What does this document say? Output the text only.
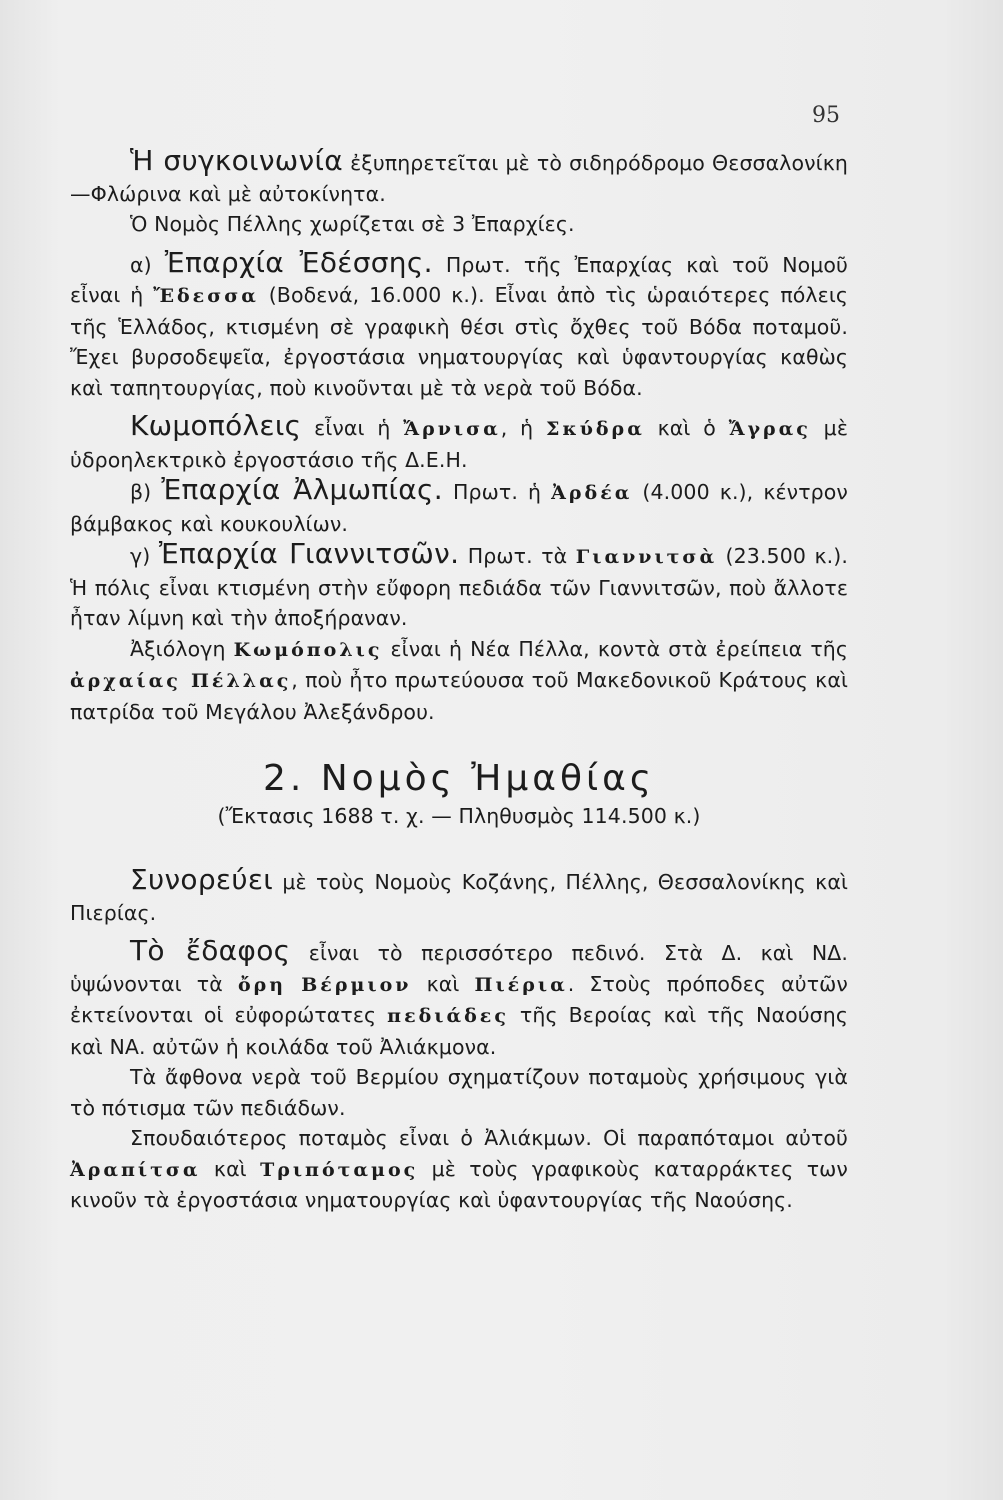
95

Ἡ συγκοινωνία ἐξυπηρετεῖται μὲ τὸ σιδηρόδρομο Θεσσαλονίκη—Φλώρινα καὶ μὲ αὐτοκίνητα.

Ὁ Νομὸς Πέλλης χωρίζεται σὲ 3 Ἐπαρχίες.

α) Ἐπαρχία Ἐδέσσης. Πρωτ. τῆς Ἐπαρχίας καὶ τοῦ Νομοῦ εἶναι ἡ Ἔδεσσα (Βοδενά, 16.000 κ.). Εἶναι ἀπὸ τὶς ὡραιότερες πόλεις τῆς Ἑλλάδος, κτισμένη σὲ γραφικὴ θέσι στὶς ὄχθες τοῦ Βόδα ποταμοῦ. Ἔχει βυρσοδεψεῖα, ἐργοστάσια νηματουργίας καὶ ὑφαντουργίας καθὼς καὶ ταπητουργίας, ποὺ κινοῦνται μὲ τὰ νερὰ τοῦ Βόδα.

Κωμοπόλεις εἶναι ἡ Ἄρνισα, ἡ Σκύδρα καὶ ὁ Ἄγρας μὲ ὑδροηλεκτρικὸ ἐργοστάσιο τῆς Δ.Ε.Η.

β) Ἐπαρχία Ἀλμωπίας. Πρωτ. ἡ Ἀρδέα (4.000 κ.), κέντρον βάμβακος καὶ κουκουλίων.

γ) Ἐπαρχία Γιαννιτσῶν. Πρωτ. τὰ Γιαννιτσὰ (23.500 κ.). Ἡ πόλις εἶναι κτισμένη στὴν εὔφορη πεδιάδα τῶν Γιαννιτσῶν, ποὺ ἄλλοτε ἦταν λίμνη καὶ τὴν ἀποξήραναν.

Ἀξιόλογη Κωμόπολις εἶναι ἡ Νέα Πέλλα, κοντὰ στὰ ἐρείπεια τῆς ἀρχαίας Πέλλας, ποὺ ἦτο πρωτεύουσα τοῦ Μακεδονικοῦ Κράτους καὶ πατρίδα τοῦ Μεγάλου Ἀλεξάνδρου.

2. Νομὸς Ἠμαθίας
(Ἔκτασις 1688 τ. χ. — Πληθυσμὸς 114.500 κ.)

Συνορεύει μὲ τοὺς Νομοὺς Κοζάνης, Πέλλης, Θεσσαλονίκης καὶ Πιερίας.

Τὸ ἔδαφος εἶναι τὸ περισσότερο πεδινό. Στὰ Δ. καὶ ΝΔ. ὑψώνονται τὰ ὄρη Βέρμιον καὶ Πιέρια. Στοὺς πρόποδες αὐτῶν ἐκτείνονται οἱ εὐφορώτατες πεδιάδες τῆς Βεροίας καὶ τῆς Ναούσης καὶ ΝΑ. αὐτῶν ἡ κοιλάδα τοῦ Ἀλιάκμονα.

Τὰ ἄφθονα νερὰ τοῦ Βερμίου σχηματίζουν ποταμοὺς χρήσιμους γιὰ τὸ πότισμα τῶν πεδιάδων.

Σπουδαιότερος ποταμὸς εἶναι ὁ Ἀλιάκμων. Οἱ παραπόταμοι αὐτοῦ Ἀραπίτσα καὶ Τριπόταμος μὲ τοὺς γραφικοὺς καταρράκτες των κινοῦν τὰ ἐργοστάσια νηματουργίας καὶ ὑφαντουργίας τῆς Ναούσης.
